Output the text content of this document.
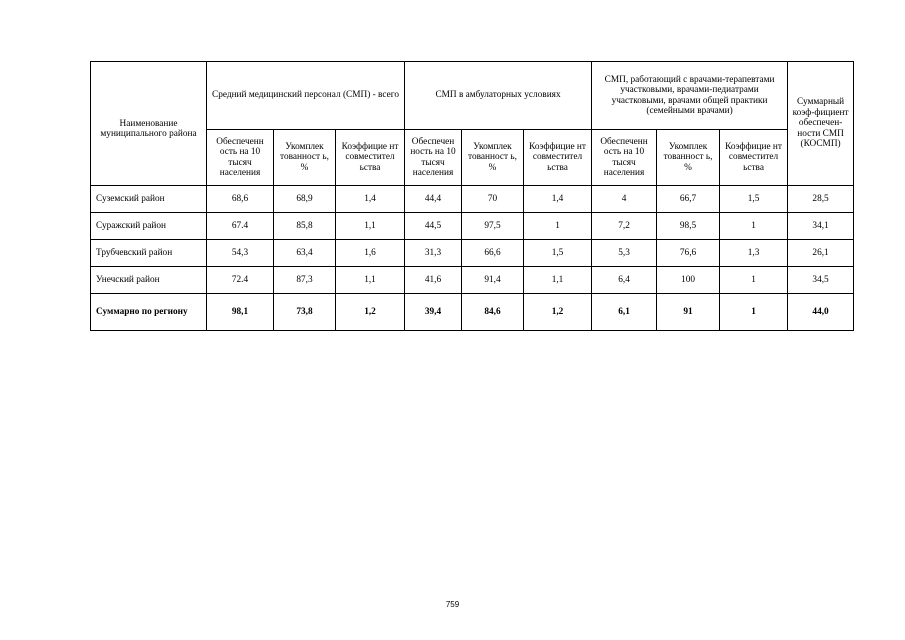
Наименование муниципального района	Средний медицинский персонал (СМП) - всего			СМП в амбулаторных условиях			СМП, работающий с врачами-терапевтами участковыми, врачами-педиатрами участковыми, врачами общей практики (семейными врачами)			Суммарный коэф-фициент обеспечен-ности СМП (КОСМП)
	Обеспеченн ость на 10 тысяч населения	Укомплек тованност ь, %	Коэффицие нт совместител ьства	Обеспечен ность на 10 тысяч населения	Укомплек тованност ь, %	Коэффицие нт совместител ьства	Обеспеченн ость на 10 тысяч населения	Укомплек тованност ь, %	Коэффицие нт совместител ьства	
Суземский район	68,6	68,9	1,4	44,4	70	1,4	4	66,7	1,5	28,5
Суражский район	67.4	85,8	1,1	44,5	97,5	1	7,2	98,5	1	34,1
Трубчевский район	54,3	63,4	1,6	31,3	66,6	1,5	5,3	76,6	1,3	26,1
Унечский район	72.4	87,3	1,1	41,6	91,4	1,1	6,4	100	1	34,5
Суммарно по региону	98,1	73,8	1,2	39,4	84,6	1,2	6,1	91	1	44,0
759
